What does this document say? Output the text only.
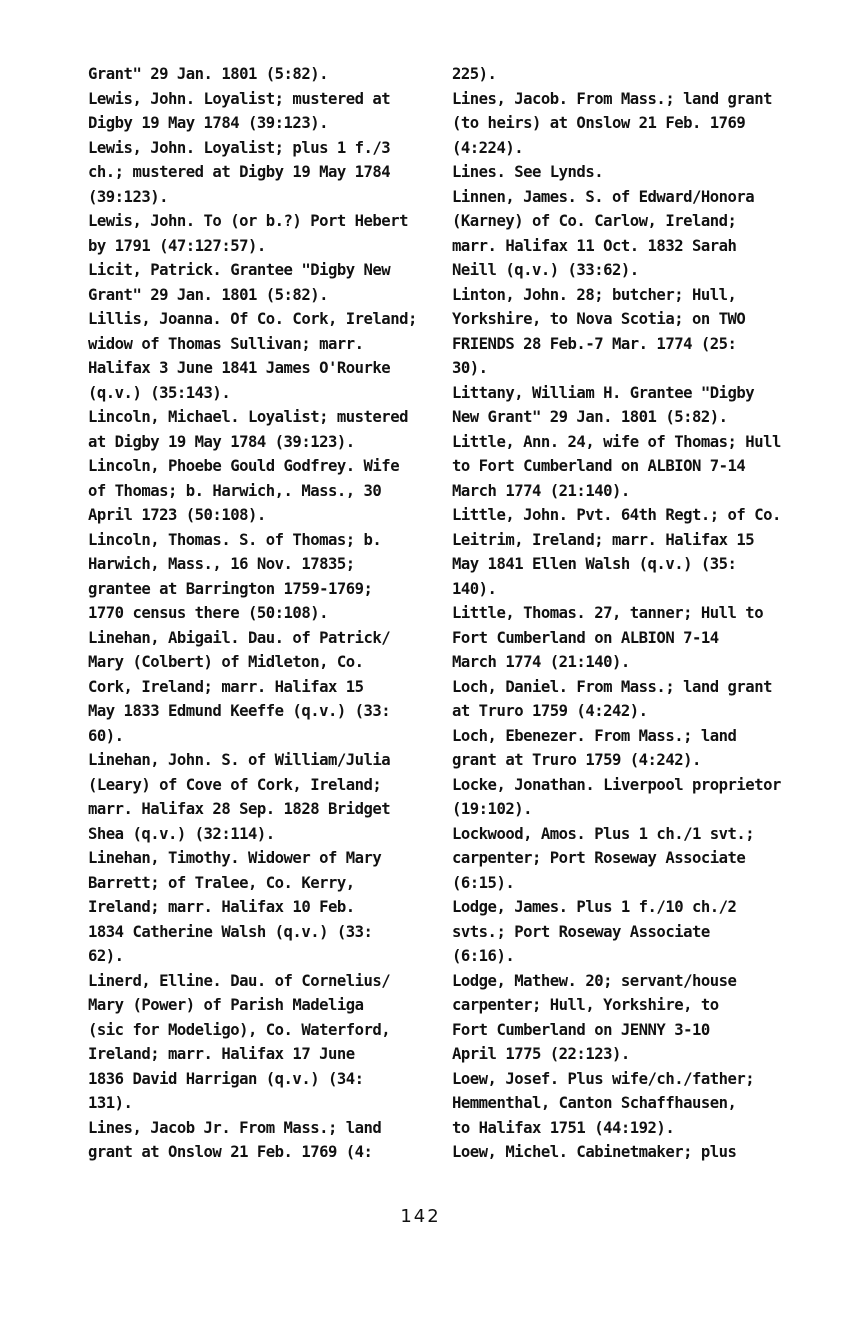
Grant" 29 Jan. 1801 (5:82).
Lewis, John. Loyalist; mustered at
Digby 19 May 1784 (39:123).
Lewis, John. Loyalist; plus 1 f./3
ch.; mustered at Digby 19 May 1784
(39:123).
Lewis, John. To (or b.?) Port Hebert
by 1791 (47:127:57).
Licit, Patrick. Grantee "Digby New
Grant" 29 Jan. 1801 (5:82).
Lillis, Joanna. Of Co. Cork, Ireland;
widow of Thomas Sullivan; marr.
Halifax 3 June 1841 James O'Rourke
(q.v.) (35:143).
Lincoln, Michael. Loyalist; mustered
at Digby 19 May 1784 (39:123).
Lincoln, Phoebe Gould Godfrey. Wife
of Thomas; b. Harwich,. Mass., 30
April 1723 (50:108).
Lincoln, Thomas. S. of Thomas; b.
Harwich, Mass., 16 Nov. 17835;
grantee at Barrington 1759-1769;
1770 census there (50:108).
Linehan, Abigail. Dau. of Patrick/
Mary (Colbert) of Midleton, Co.
Cork, Ireland; marr. Halifax 15
May 1833 Edmund Keeffe (q.v.) (33:
60).
Linehan, John. S. of William/Julia
(Leary) of Cove of Cork, Ireland;
marr. Halifax 28 Sep. 1828 Bridget
Shea (q.v.) (32:114).
Linehan, Timothy. Widower of Mary
Barrett; of Tralee, Co. Kerry,
Ireland; marr. Halifax 10 Feb.
1834 Catherine Walsh (q.v.) (33:
62).
Linerd, Elline. Dau. of Cornelius/
Mary (Power) of Parish Madeliga
(sic for Modeligo), Co. Waterford,
Ireland; marr. Halifax 17 June
1836 David Harrigan (q.v.) (34:
131).
Lines, Jacob Jr. From Mass.; land
grant at Onslow 21 Feb. 1769 (4:
225).
Lines, Jacob. From Mass.; land grant
(to heirs) at Onslow 21 Feb. 1769
(4:224).
Lines. See Lynds.
Linnen, James. S. of Edward/Honora
(Karney) of Co. Carlow, Ireland;
marr. Halifax 11 Oct. 1832 Sarah
Neill (q.v.) (33:62).
Linton, John. 28; butcher; Hull,
Yorkshire, to Nova Scotia; on TWO
FRIENDS 28 Feb.-7 Mar. 1774 (25:
30).
Littany, William H. Grantee "Digby
New Grant" 29 Jan. 1801 (5:82).
Little, Ann. 24, wife of Thomas; Hull
to Fort Cumberland on ALBION 7-14
March 1774 (21:140).
Little, John. Pvt. 64th Regt.; of Co.
Leitrim, Ireland; marr. Halifax 15
May 1841 Ellen Walsh (q.v.) (35:
140).
Little, Thomas. 27, tanner; Hull to
Fort Cumberland on ALBION 7-14
March 1774 (21:140).
Loch, Daniel. From Mass.; land grant
at Truro 1759 (4:242).
Loch, Ebenezer. From Mass.; land
grant at Truro 1759 (4:242).
Locke, Jonathan. Liverpool proprietor
(19:102).
Lockwood, Amos. Plus 1 ch./1 svt.;
carpenter; Port Roseway Associate
(6:15).
Lodge, James. Plus 1 f./10 ch./2
svts.; Port Roseway Associate
(6:16).
Lodge, Mathew. 20; servant/house
carpenter; Hull, Yorkshire, to
Fort Cumberland on JENNY 3-10
April 1775 (22:123).
Loew, Josef. Plus wife/ch./father;
Hemmenthal, Canton Schaffhausen,
to Halifax 1751 (44:192).
Loew, Michel. Cabinetmaker; plus
142
